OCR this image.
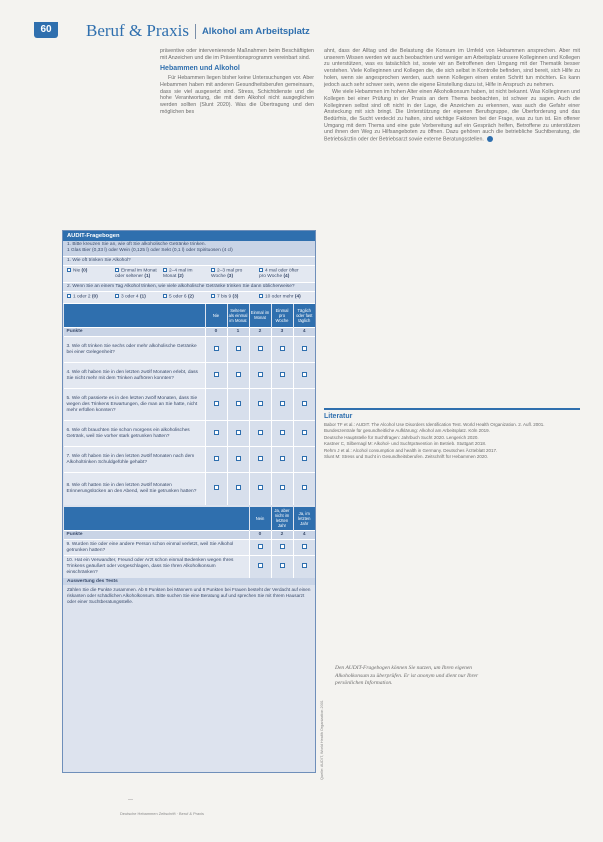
60	Beruf & Praxis Alkohol am Arbeitsplatz

präventive oder intervenierende Maßnahmen beim Beschäftigten mit Anzeichen und die im Präventionsprogramm vereinbart sind.

Hebammen und Alkohol

Für Hebammen liegen bisher keine Untersuchungen vor. Aber Hebammen haben mit anderen Gesundheitsberufen gemeinsam, dass sie viel ausgesetzt sind. Stress, Schichtdienste und die hohe Verantwortung, die mit dem Alkohol nicht ausgeglichen werden sollten (Slunt 2020). Was die Übertragung und den möglichen bes

ahnt, dass der Alltag und die Belastung die Konsum im Umfeld von Hebammen ansprechen. Aber mit unserem Wissen werden wir auch beobachten und weniger am Arbeitsplatz unsere Kolleginnen und Kollegen zu unterstützen, was es tatsächlich ist, sowie wir an Betroffenen den Umgang mit der Thematik besser verstehen. Viele Kolleginnen und Kollegen die, die sich selbst in Kontrolle befinden, sind bereit, sich Hilfe zu holen, wenn sie angesprochen werden, auch wenn Kollegen einen ersten Schritt tun möchten. Es kann jedoch auch sehr schwer sein, wenn die eigene Einstellung dazu ist, Hilfe in Anspruch zu nehmen.

Wie viele Hebammen im hohen Alter einen Alkoholkonsum haben, ist nicht bekannt. Was Kolleginnen und Kollegen bei einer Prüfung in der Praxis an dem Thema beobachten, ist schwer zu sagen. Auch die Kolleginnen selbst sind oft nicht in der Lage, die Anzeichen zu erkennen, was auch die Gefahr einer Ansteckung mit sich bringt. Die Unterstützung der eigenen Berufsgruppe, die Überforderung und das Bedürfnis, die Sucht verdeckt zu halten, sind wichtige Faktoren bei der Frage, was zu tun ist. Ein offener Umgang mit dem Thema und eine gute Vorbereitung auf ein Gespräch helfen, Betroffene zu unterstützen und ihnen den Weg zu Hilfsangeboten zu öffnen. Dazu gehören auch die betriebliche Suchtberatung, die Betriebsärztin oder der Betriebsarzt sowie externe Beratungsstellen.

AUDIT-Fragebogen
1. Bitte kreuzen Sie an, wie oft Sie alkoholische Getränke trinken.
1 Glas Bier (0,33 l) oder Wein (0,125 l) oder Sekt (0,1 l) oder Spirituosen (4 cl)
1. Wie oft trinken Sie Alkohol?
Nie (0)	Einmal im Monat oder seltener (1)
2–4 mal im Monat (2)
2–3 mal pro Woche (3)
4 mal oder öfter pro Woche (4)
2. Wenn Sie an einem Tag Alkohol trinken, wie viele alkoholische Getränke trinken Sie dann üblicherweise?
1 oder 2 (0)	3 oder 4 (1)	5 oder 6 (2)	7 bis 9 (3)	10 oder mehr (4)
	Nie	Seltener als einmal im Monat	Einmal im Monat	Einmal pro Woche	Täglich oder fast täglich
Punkte	0	1	2	3	4
3. Wie oft trinken Sie sechs oder mehr alkoholische Getränke bei einer Gelegenheit?					
4. Wie oft haben Sie in den letzten zwölf Monaten erlebt, dass Sie nicht mehr mit dem Trinken aufhören konnten?					
5. Wie oft passierte es in den letzten zwölf Monaten, dass Sie wegen des Trinkens Erwartungen, die man an Sie hatte, nicht mehr erfüllen konnten?					
6. Wie oft brauchten Sie schon morgens ein alkoholisches Getränk, weil Sie vorher stark getrunken hatten?					
7. Wie oft haben Sie in den letzten zwölf Monaten nach dem Alkoholtrinken Schuldgefühle gehabt?					
8. Wie oft hatten Sie in den letzten zwölf Monaten Erinnerungslücken an den Abend, weil Sie getrunken hatten?					
	Nein	Ja, aber nicht im letzten Jahr	Ja, im letzten Jahr
Punkte	0	2	4
9. Wurden Sie oder eine andere Person schon einmal verletzt, weil Sie Alkohol getrunken hatten?			
10. Hat ein Verwandter, Freund oder Arzt schon einmal Bedenken wegen Ihres Trinkens geäußert oder vorgeschlagen, dass Sie Ihren Alkoholkonsum einschränken?			
Auswertung des Tests
Zählen Sie die Punkte zusammen. Ab 8 Punkten bei Männern und 6 Punkten bei Frauen besteht der Verdacht auf einen riskanten oder schädlichen Alkoholkonsum. Bitte suchen Sie eine Beratung auf und sprechen Sie mit Ihrem Hausarzt oder einer Suchtberatungsstelle.
Quelle: AUDIT, World Health Organization 2001
Literatur

Babor TF et al.: AUDIT. The Alcohol Use Disorders Identification Test. World Health Organization. 2. Aufl. 2001.

Bundeszentrale für gesundheitliche Aufklärung: Alkohol am Arbeitsplatz. Köln 2019.

Deutsche Hauptstelle für Suchtfragen: Jahrbuch Sucht 2020. Lengerich 2020.

Kastner C, Silbernagl M: Alkohol- und Suchtprävention im Betrieb. Stuttgart 2018.

Rehm J et al.: Alcohol consumption and health in Germany. Deutsches Ärzteblatt 2017.

Slunt M: Stress und Sucht in Gesundheitsberufen. Zeitschrift für Hebammen 2020.

Den AUDIT-Fragebogen können Sie nutzen, um Ihren eigenen Alkoholkonsum zu überprüfen. Er ist anonym und dient nur Ihrer persönlichen Information.
—
Deutsche Hebammen Zeitschrift · Beruf & Praxis
